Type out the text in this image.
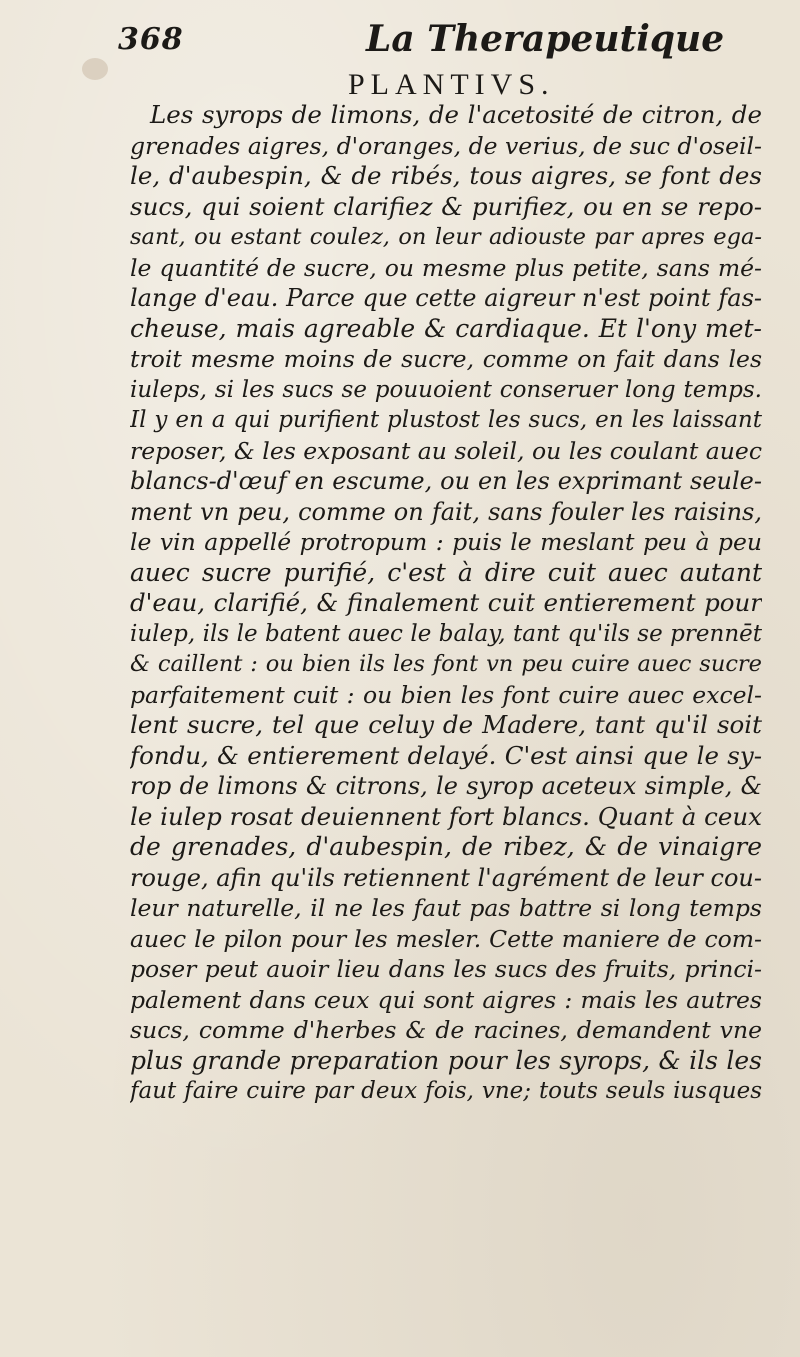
368	La Therapeutique
PLANTIVS.
Les syrops de limons, de l'acetosité de citron, de
grenades aigres, d'oranges, de verius, de suc d'oseil-
le, d'aubespin, & de ribés, tous aigres, se font des
sucs, qui soient clarifiez & purifiez, ou en se repo-
sant, ou estant coulez, on leur adiouste par apres ega-
le quantité de sucre, ou mesme plus petite, sans mé-
lange d'eau. Parce que cette aigreur n'est point fas-
cheuse, mais agreable & cardiaque. Et l'ony met-
troit mesme moins de sucre, comme on fait dans les
iuleps, si les sucs se pouuoient conseruer long temps.
Il y en a qui purifient plustost les sucs, en les laissant
reposer, & les exposant au soleil, ou les coulant auec
blancs-d'œuf en escume, ou en les exprimant seule-
ment vn peu, comme on fait, sans fouler les raisins,
le vin appellé protropum : puis le meslant peu à peu
auec sucre purifié, c'est à dire cuit auec autant
d'eau, clarifié, & finalement cuit entierement pour
iulep, ils le batent auec le balay, tant qu'ils se prennēt
& caillent : ou bien ils les font vn peu cuire auec sucre
parfaitement cuit : ou bien les font cuire auec excel-
lent sucre, tel que celuy de Madere, tant qu'il soit
fondu, & entierement delayé. C'est ainsi que le sy-
rop de limons & citrons, le syrop aceteux simple, &
le iulep rosat deuiennent fort blancs. Quant à ceux
de grenades, d'aubespin, de ribez, & de vinaigre
rouge, afin qu'ils retiennent l'agrément de leur cou-
leur naturelle, il ne les faut pas battre si long temps
auec le pilon pour les mesler. Cette maniere de com-
poser peut auoir lieu dans les sucs des fruits, princi-
palement dans ceux qui sont aigres : mais les autres
sucs, comme d'herbes & de racines, demandent vne
plus grande preparation pour les syrops, & ils les
faut faire cuire par deux fois, vne; touts seuls iusques
